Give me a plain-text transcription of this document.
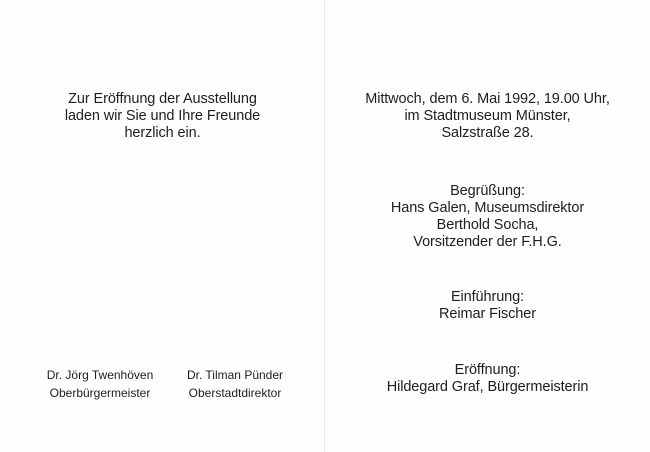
Zur Eröffnung der Ausstellung
laden wir Sie und Ihre Freunde
herzlich ein.
Dr. Jörg Twenhöven
Oberbürgermeister
Dr. Tilman Pünder
Oberstadtdirektor
Mittwoch, dem 6. Mai 1992, 19.00 Uhr,
im Stadtmuseum Münster,
Salzstraße 28.
Begrüßung:
Hans Galen, Museumsdirektor
Berthold Socha,
Vorsitzender der F.H.G.
Einführung:
Reimar Fischer
Eröffnung:
Hildegard Graf, Bürgermeisterin
